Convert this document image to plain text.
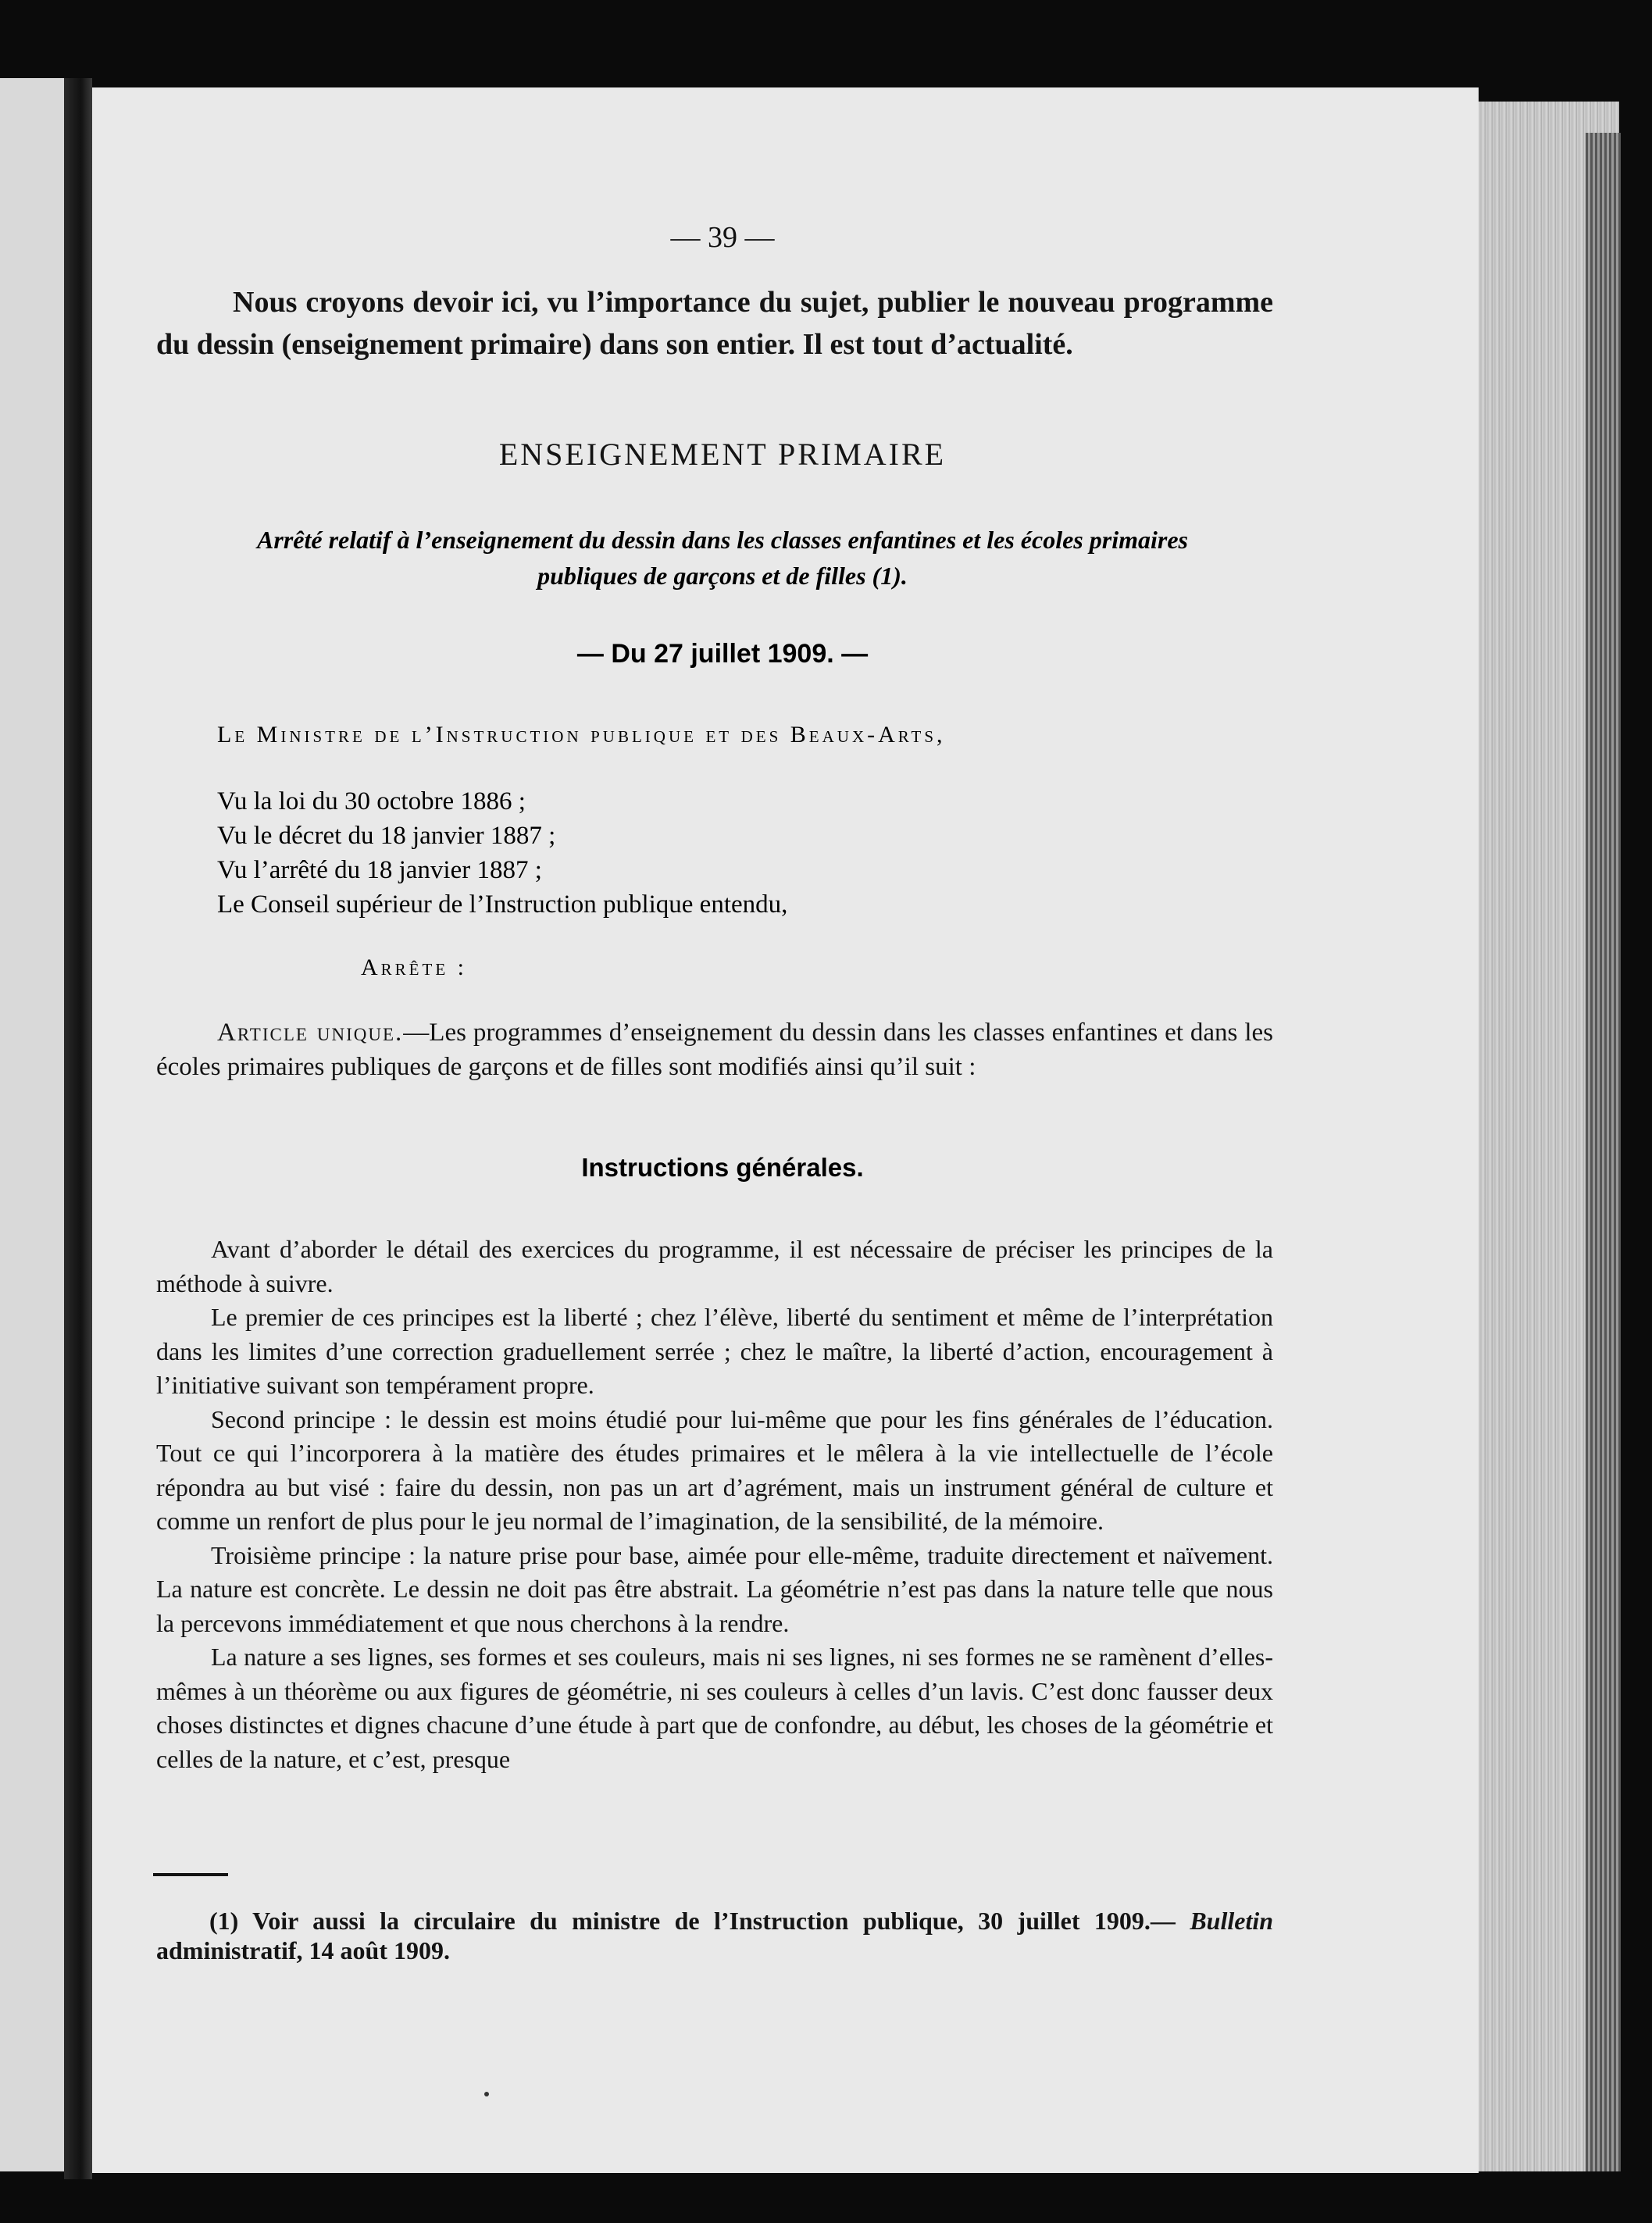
— 39 —

Nous croyons devoir ici, vu l’importance du sujet, publier le nouveau programme du dessin (enseignement primaire) dans son entier. Il est tout d’actualité.

ENSEIGNEMENT PRIMAIRE
Arrêté relatif à l’enseignement du dessin dans les classes enfantines et les écoles primaires publiques de garçons et de filles (1).
— Du 27 juillet 1909. —
Le Ministre de l’Instruction publique et des Beaux-Arts,
Vu la loi du 30 octobre 1886 ;
Vu le décret du 18 janvier 1887 ;
Vu l’arrêté du 18 janvier 1887 ;
Le Conseil supérieur de l’Instruction publique entendu,
Arrête :

Article unique.—Les programmes d’enseignement du dessin dans les classes enfantines et dans les écoles primaires publiques de garçons et de filles sont modifiés ainsi qu’il suit :

Instructions générales.

Avant d’aborder le détail des exercices du programme, il est nécessaire de préciser les principes de la méthode à suivre.

Le premier de ces principes est la liberté ; chez l’élève, liberté du sentiment et même de l’interprétation dans les limites d’une correction graduellement serrée ; chez le maître, la liberté d’action, encouragement à l’initiative suivant son tempérament propre.

Second principe : le dessin est moins étudié pour lui-même que pour les fins générales de l’éducation. Tout ce qui l’incorporera à la matière des études primaires et le mêlera à la vie intellectuelle de l’école répondra au but visé : faire du dessin, non pas un art d’agrément, mais un instrument général de culture et comme un renfort de plus pour le jeu normal de l’imagination, de la sensibilité, de la mémoire.

Troisième principe : la nature prise pour base, aimée pour elle-même, traduite directement et naïvement. La nature est concrète. Le dessin ne doit pas être abstrait. La géométrie n’est pas dans la nature telle que nous la percevons immédiatement et que nous cherchons à la rendre.

La nature a ses lignes, ses formes et ses couleurs, mais ni ses lignes, ni ses formes ne se ramènent d’elles-mêmes à un théorème ou aux figures de géométrie, ni ses couleurs à celles d’un lavis. C’est donc fausser deux choses distinctes et dignes chacune d’une étude à part que de confondre, au début, les choses de la géométrie et celles de la nature, et c’est, presque

(1) Voir aussi la circulaire du ministre de l’Instruction publique, 30 juillet 1909.— Bulletin administratif, 14 août 1909.
